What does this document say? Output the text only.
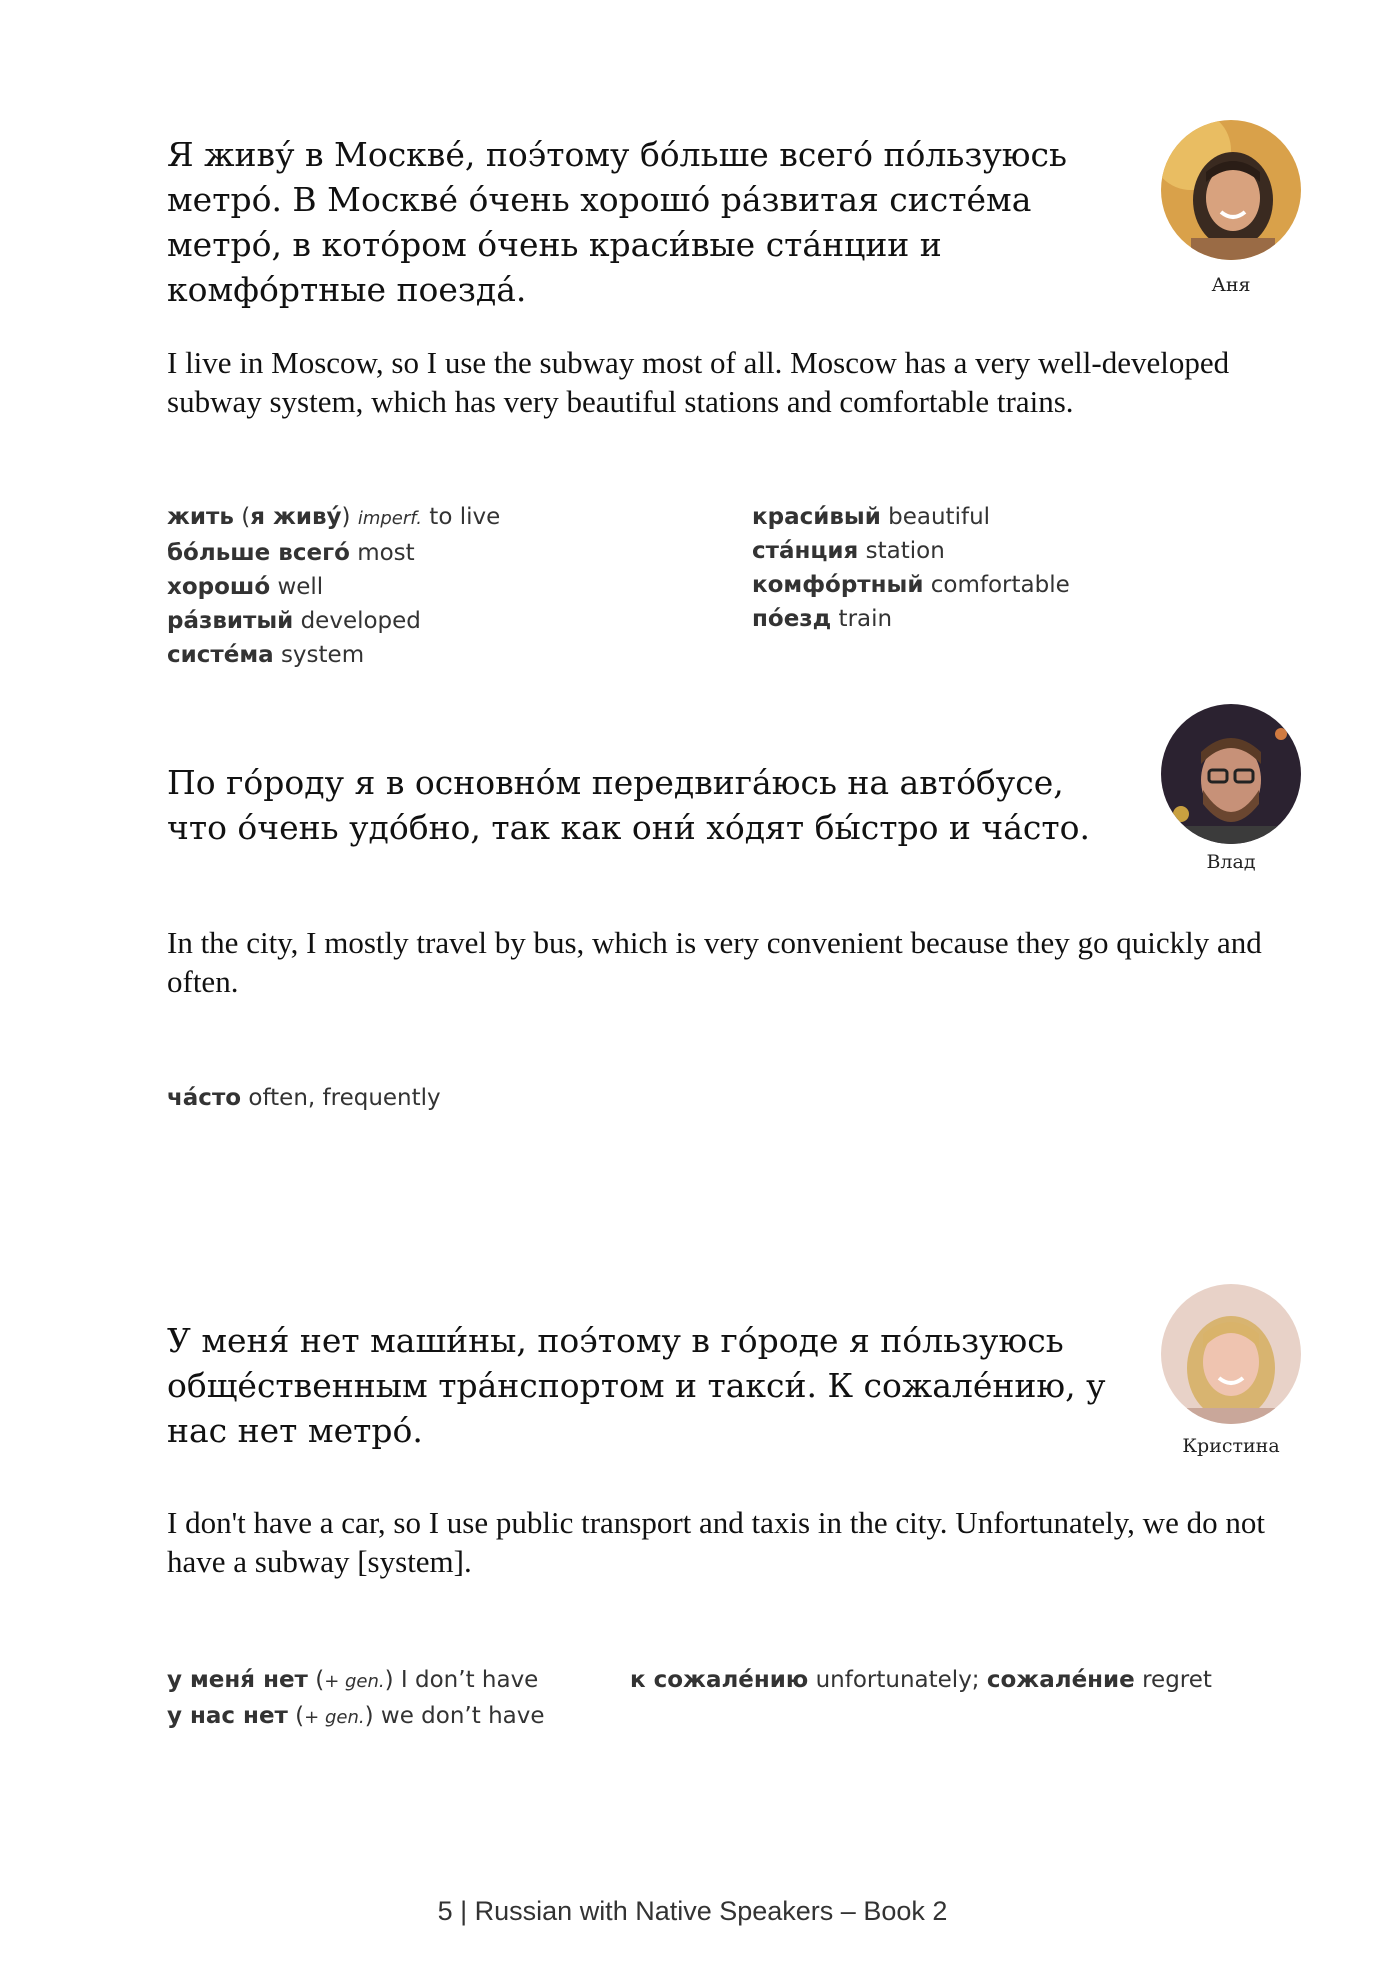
Я живу́ в Москве́, поэ́тому бо́льше всего́ по́льзуюсь метро́. В Москве́ о́чень хорошо́ ра́звитая систе́ма метро́, в кото́ром о́чень краси́вые ста́нции и комфо́ртные поезда́.	Аня

I live in Moscow, so I use the subway most of all. Moscow has a very well-developed subway system, which has very beautiful stations and comfortable trains.

жить (я живу́) imperf. to live
бо́льше всего́ most
хорошо́ well
ра́звитый developed
систе́ма system
краси́вый beautiful
ста́нция station
комфо́ртный comfortable
по́езд train

По го́роду я в основно́м передвига́юсь на авто́бусе, что о́чень удо́бно, так как они́ хо́дят бы́стро и ча́сто.

Влад

In the city, I mostly travel by bus, which is very convenient because they go quickly and often.

ча́сто often, frequently

У меня́ нет маши́ны, поэ́тому в го́роде я по́льзуюсь обще́ственным тра́нспортом и такси́. К сожале́нию, у нас нет метро́.	Кристина

I don't have a car, so I use public transport and taxis in the city. Unfortunately, we do not have a subway [system].

у меня́ нет (+ gen.) I don’t have
у нас нет (+ gen.) we don’t have
к сожале́нию unfortunately; сожале́ние regret

5 | Russian with Native Speakers – Book 2
